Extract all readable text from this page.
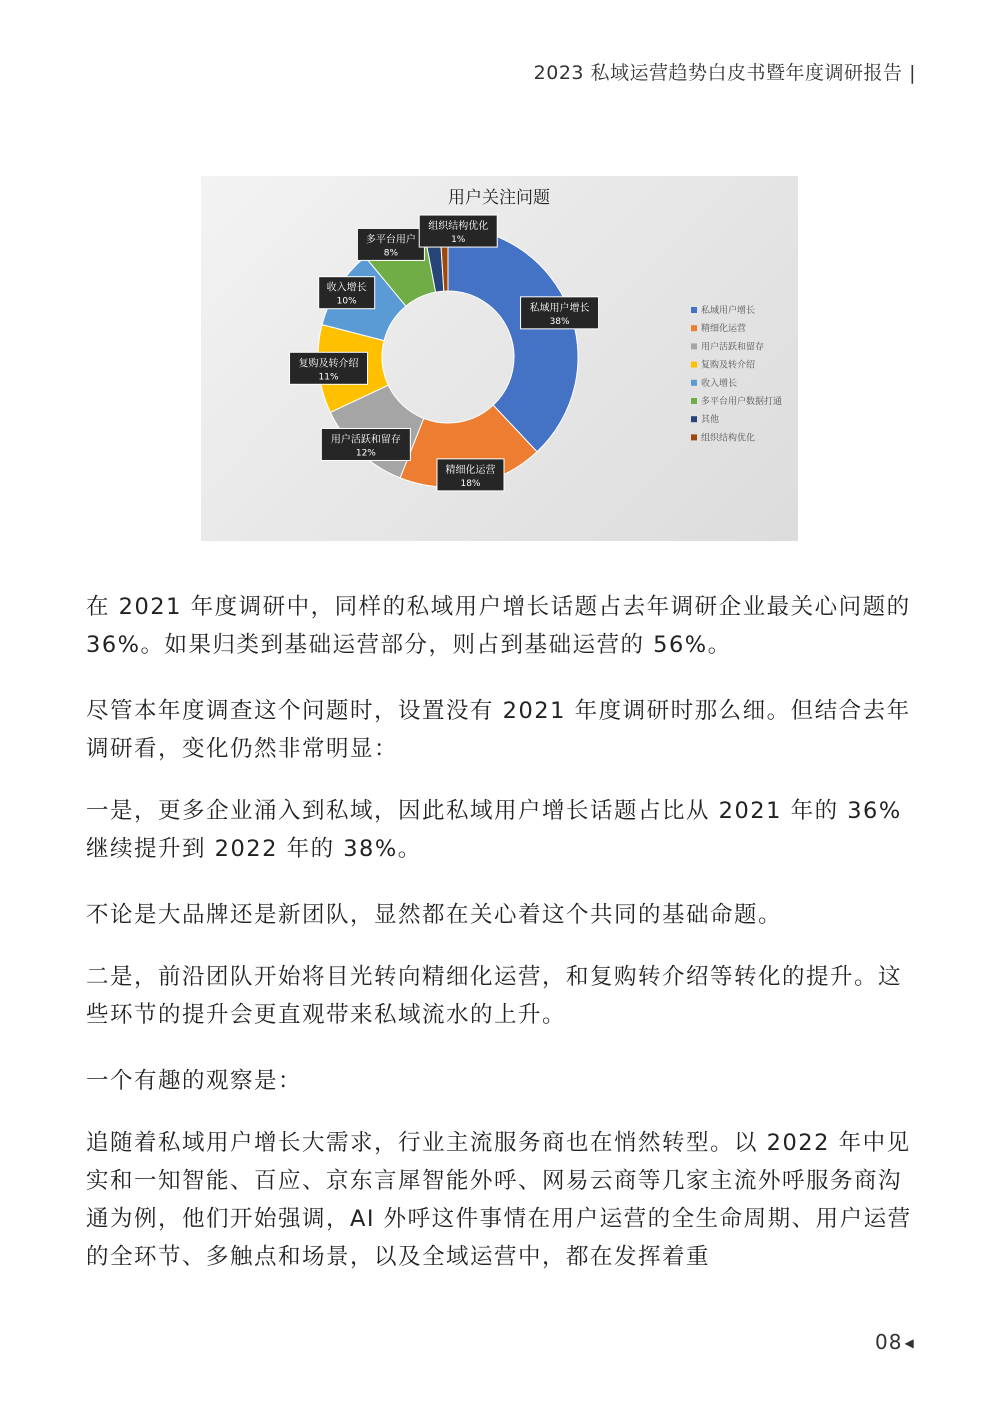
2023 私域运营趋势白皮书暨年度调研报告 |
用户关注问题
私域用户增长
38%
精细化运营
18%
用户活跃和留存
12%
复购及转介绍
11%
收入增长
10%
多平台用户
8%
组织结构优化
1%
私域用户增长
精细化运营
用户活跃和留存
复购及转介绍
收入增长
多平台用户数据打通
其他
组织结构优化

在 2021 年度调研中，同样的私域用户增长话题占去年调研企业最关心问题的 36%。如果归类到基础运营部分，则占到基础运营的 56%。

尽管本年度调查这个问题时，设置没有 2021 年度调研时那么细。但结合去年调研看，变化仍然非常明显：

一是，更多企业涌入到私域，因此私域用户增长话题占比从 2021 年的 36% 继续提升到 2022 年的 38%。

不论是大品牌还是新团队，显然都在关心着这个共同的基础命题。

二是，前沿团队开始将目光转向精细化运营，和复购转介绍等转化的提升。这些环节的提升会更直观带来私域流水的上升。

一个有趣的观察是：

追随着私域用户增长大需求，行业主流服务商也在悄然转型。以 2022 年中见实和一知智能、百应、京东言犀智能外呼、网易云商等几家主流外呼服务商沟通为例，他们开始强调，AI 外呼这件事情在用户运营的全生命周期、用户运营的全环节、多触点和场景，以及全域运营中，都在发挥着重

08 ◀
